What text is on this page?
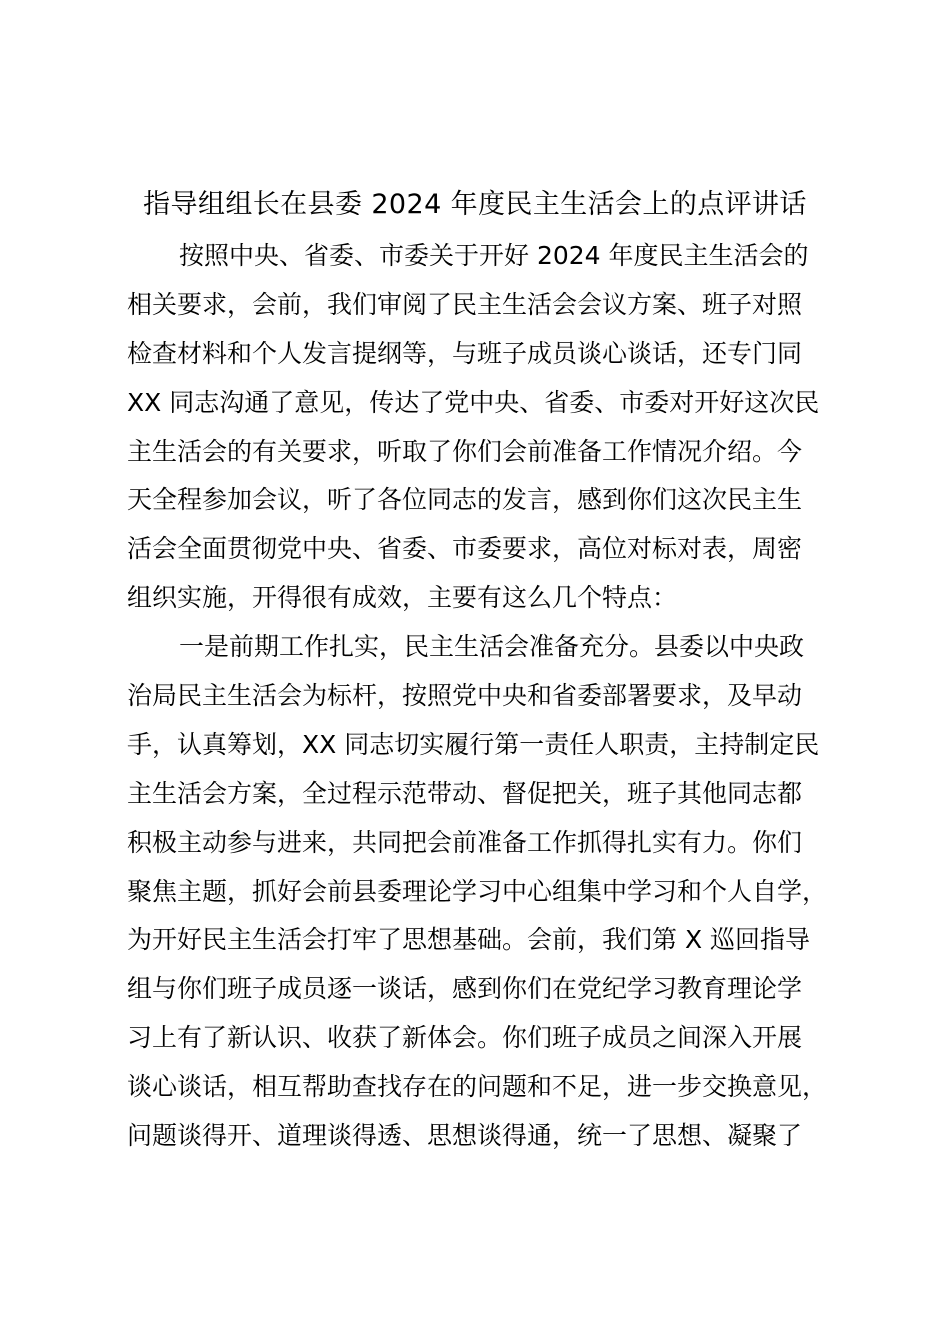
指导组组长在县委 2024 年度民主生活会上的点评讲话
按照中央、省委、市委关于开好 2024 年度民主生活会的
相关要求，会前，我们审阅了民主生活会会议方案、班子对照
检查材料和个人发言提纲等，与班子成员谈心谈话，还专门同
XX 同志沟通了意见，传达了党中央、省委、市委对开好这次民
主生活会的有关要求，听取了你们会前准备工作情况介绍。今
天全程参加会议，听了各位同志的发言，感到你们这次民主生
活会全面贯彻党中央、省委、市委要求，高位对标对表，周密
组织实施，开得很有成效，主要有这么几个特点：
一是前期工作扎实，民主生活会准备充分。县委以中央政
治局民主生活会为标杆，按照党中央和省委部署要求，及早动
手，认真筹划，XX 同志切实履行第一责任人职责，主持制定民
主生活会方案，全过程示范带动、督促把关，班子其他同志都
积极主动参与进来，共同把会前准备工作抓得扎实有力。你们
聚焦主题，抓好会前县委理论学习中心组集中学习和个人自学，
为开好民主生活会打牢了思想基础。会前，我们第 X 巡回指导
组与你们班子成员逐一谈话，感到你们在党纪学习教育理论学
习上有了新认识、收获了新体会。你们班子成员之间深入开展
谈心谈话，相互帮助查找存在的问题和不足，进一步交换意见，
问题谈得开、道理谈得透、思想谈得通，统一了思想、凝聚了
